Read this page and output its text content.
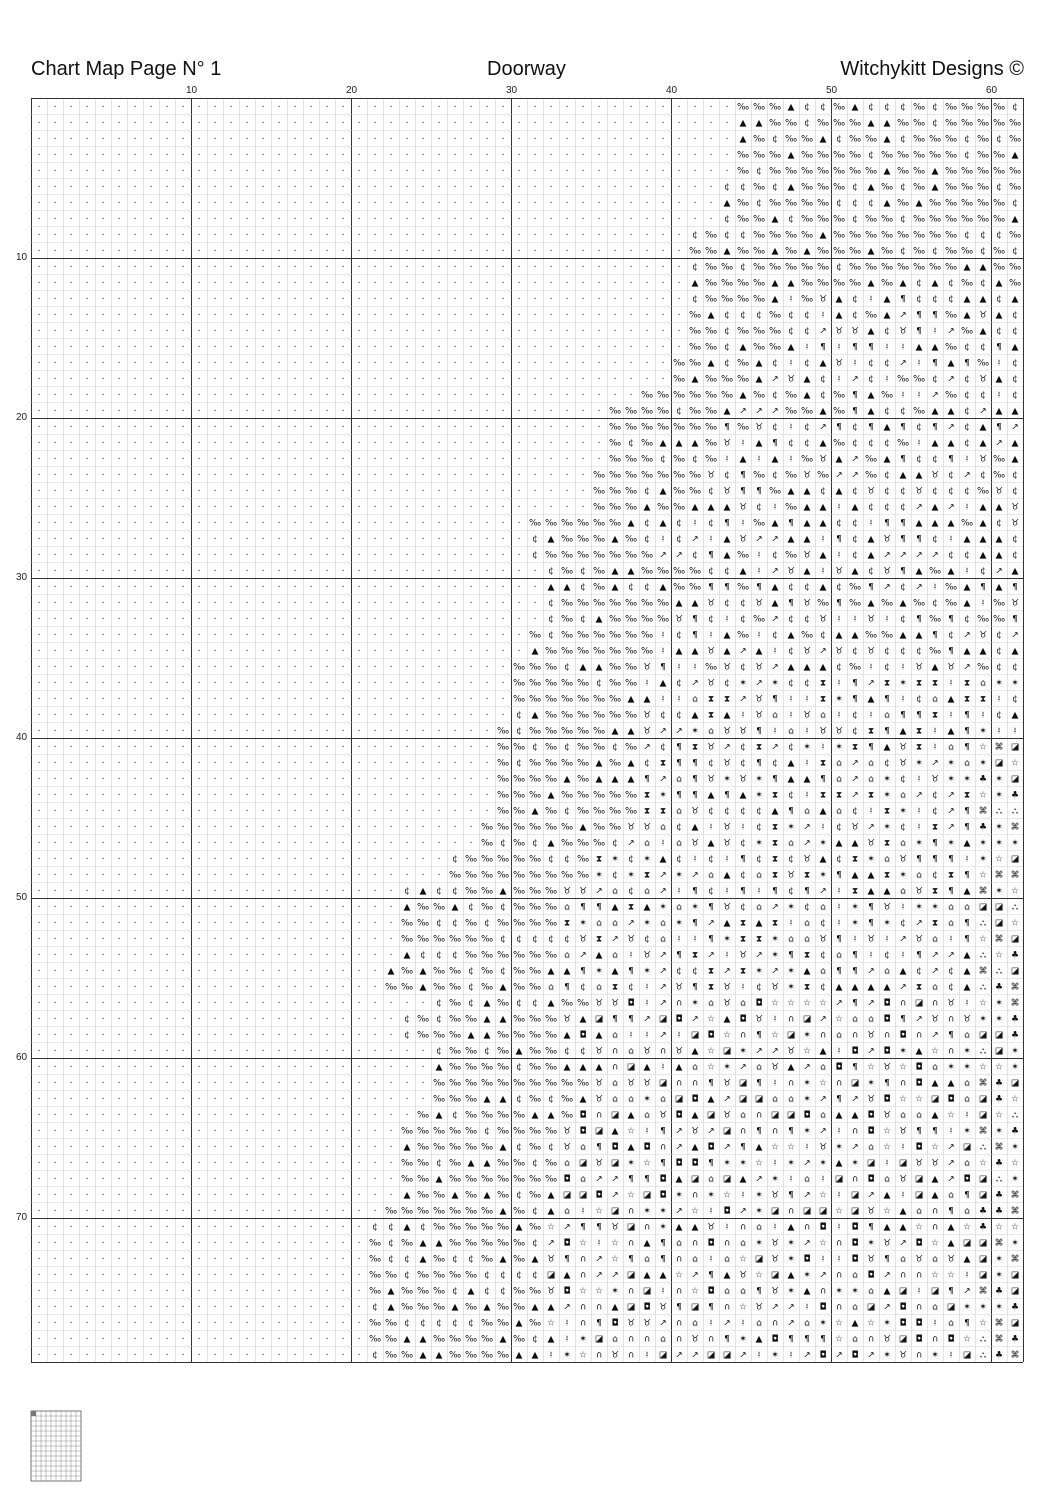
Chart Map Page N° 1	Doorway	Witchykitt Designs ©
10	20	30	40	50	60
10
20
30
40
50
60
70
· · · · · · · · · · · · · · · · · · · · · · · · · · · · · · · · · · · · · · · · · · · · ‰ ‰ ‰ ▲ ¢ ¢ ‰ ▲ ¢ ¢ ¢ ‰ ¢ ‰ ‰ ‰ ‰ ¢
· · · · · · · · · · · · · · · · · · · · · · · · · · · · · · · · · · · · · · · · · · · · ▲ ▲ ‰ ‰ ¢ ‰ ‰ ‰ ▲ ▲ ‰ ‰ ¢ ‰ ‰ ‰ ‰ ‰
· · · · · · · · · · · · · · · · · · · · · · · · · · · · · · · · · · · · · · · · · · · · ▲ ‰ ¢ ‰ ‰ ▲ ¢ ‰ ‰ ▲ ¢ ‰ ‰ ‰ ¢ ‰ ¢ ‰
· · · · · · · · · · · · · · · · · · · · · · · · · · · · · · · · · · · · · · · · · · · · ‰ ‰ ‰ ▲ ‰ ‰ ‰ ‰ ¢ ‰ ‰ ‰ ‰ ‰ ¢ ‰ ‰ ▲
· · · · · · · · · · · · · · · · · · · · · · · · · · · · · · · · · · · · · · · · · · · · ‰ ¢ ‰ ‰ ‰ ‰ ‰ ‰ ‰ ▲ ‰ ‰ ▲ ‰ ‰ ‰ ‰ ‰
· · · · · · · · · · · · · · · · · · · · · · · · · · · · · · · · · · · · · · · · · · · ¢ ¢ ‰ ¢ ▲ ‰ ‰ ‰ ¢ ▲ ‰ ¢ ‰ ▲ ‰ ‰ ‰ ¢ ‰
· · · · · · · · · · · · · · · · · · · · · · · · · · · · · · · · · · · · · · · · · · · ▲ ‰ ¢ ‰ ‰ ‰ ‰ ¢ ¢ ¢ ▲ ‰ ▲ ‰ ‰ ‰ ‰ ‰ ¢
· · · · · · · · · · · · · · · · · · · · · · · · · · · · · · · · · · · · · · · · · · · ¢ ‰ ‰ ▲ ¢ ‰ ‰ ‰ ¢ ‰ ‰ ¢ ‰ ‰ ‰ ‰ ‰ ‰ ▲
· · · · · · · · · · · · · · · · · · · · · · · · · · · · · · · · · · · · · · · · · ¢ ‰ ¢ ¢ ‰ ‰ ‰ ‰ ▲ ‰ ‰ ‰ ‰ ‰ ‰ ‰ ‰ ¢ ¢ ¢ ‰
· · · · · · · · · · · · · · · · · · · · · · · · · · · · · · · · · · · · · · · · · ‰ ‰ ▲ ‰ ‰ ▲ ‰ ▲ ‰ ‰ ‰ ▲ ‰ ¢ ‰ ¢ ‰ ‰ ¢ ‰ ¢
· · · · · · · · · · · · · · · · · · · · · · · · · · · · · · · · · · · · · · · · · ¢ ‰ ‰ ¢ ‰ ‰ ‰ ‰ ‰ ¢ ‰ ‰ ‰ ‰ ‰ ‰ ‰ ▲ ▲ ‰ ‰
· · · · · · · · · · · · · · · · · · · · · · · · · · · · · · · · · · · · · · · · · ▲ ‰ ‰ ‰ ‰ ▲ ▲ ‰ ‰ ‰ ‰ ▲ ‰ ▲ ¢ ▲ ¢ ‰ ¢ ▲ ‰
· · · · · · · · · · · · · · · · · · · · · · · · · · · · · · · · · · · · · · · · · ¢ ‰ ‰ ‰ ‰ ▲ ♮ ‰ ♉ ▲ ¢ ♮ ▲ ¶ ¢ ¢ ¢ ▲ ▲ ¢ ▲
· · · · · · · · · · · · · · · · · · · · · · · · · · · · · · · · · · · · · · · · · ‰ ▲ ¢ ¢ ¢ ‰ ¢ ¢ ♮ ▲ ¢ ‰ ▲ ↗ ¶ ¶ ‰ ▲ ♉ ▲ ¢
· · · · · · · · · · · · · · · · · · · · · · · · · · · · · · · · · · · · · · · · · ‰ ‰ ¢ ‰ ‰ ‰ ¢ ¢ ↗ ♉ ♉ ▲ ¢ ♉ ¶ ♮ ↗ ‰ ▲ ¢ ¢
· · · · · · · · · · · · · · · · · · · · · · · · · · · · · · · · · · · · · · · · · ‰ ‰ ¢ ▲ ‰ ‰ ▲ ♮ ¶ ♮ ¶ ¶ ♮ ♮ ▲ ▲ ‰ ¢ ¢ ¶ ▲
· · · · · · · · · · · · · · · · · · · · · · · · · · · · · · · · · · · · · · · · ‰ ‰ ▲ ¢ ‰ ▲ ¢ ♮ ¢ ▲ ♉ ♮ ¢ ¢ ↗ ♮ ¶ ▲ ¶ ‰ ♮ ¢
· · · · · · · · · · · · · · · · · · · · · · · · · · · · · · · · · · · · · · · · ‰ ▲ ‰ ‰ ‰ ▲ ↗ ♉ ▲ ¢ ♮ ↗ ¢ ♮ ‰ ‰ ¢ ↗ ¢ ♉ ▲ ¢
· · · · · · · · · · · · · · · · · · · · · · · · · · · · · · · · · · · · · · ‰ ‰ ‰ ‰ ‰ ‰ ▲ ‰ ¢ ‰ ▲ ¢ ‰ ¶ ▲ ‰ ♮ ♮ ↗ ‰ ¢ ¢ ♮ ¢
· · · · · · · · · · · · · · · · · · · · · · · · · · · · · · · · · · · · ‰ ‰ ‰ ‰ ¢ ‰ ‰ ▲ ↗ ↗ ↗ ‰ ‰ ▲ ‰ ¶ ▲ ¢ ¢ ‰ ▲ ▲ ¢ ↗ ▲ ▲
· · · · · · · · · · · · · · · · · · · · · · · · · · · · · · · · · · · · ‰ ‰ ‰ ‰ ‰ ‰ ‰ ¶ ‰ ♉ ¢ ♮ ¢ ↗ ¶ ¢ ¶ ▲ ¶ ¢ ¶ ↗ ¢ ▲ ¶ ↗
· · · · · · · · · · · · · · · · · · · · · · · · · · · · · · · · · · · · ‰ ¢ ‰ ▲ ▲ ▲ ‰ ♉ ♮ ▲ ¶ ¢ ¢ ▲ ‰ ¢ ¢ ¢ ‰ ♮ ▲ ▲ ¢ ▲ ↗ ▲
· · · · · · · · · · · · · · · · · · · · · · · · · · · · · · · · · · · · ‰ ‰ ‰ ¢ ‰ ¢ ‰ ♮ ▲ ♮ ▲ ♮ ‰ ♉ ▲ ↗ ‰ ▲ ¶ ¢ ¢ ¶ ♮ ♉ ‰ ▲
· · · · · · · · · · · · · · · · · · · · · · · · · · · · · · · · · · · ‰ ‰ ‰ ‰ ‰ ‰ ‰ ♉ ¢ ¶ ‰ ¢ ‰ ♉ ‰ ↗ ↗ ‰ ¢ ▲ ▲ ♉ ¢ ↗ ¢ ‰ ¢
· · · · · · · · · · · · · · · · · · · · · · · · · · · · · · · · · · · ‰ ‰ ‰ ¢ ▲ ‰ ‰ ¢ ♉ ¶ ¶ ‰ ▲ ▲ ¢ ▲ ¢ ♉ ¢ ¢ ♉ ¢ ¢ ¢ ‰ ♉ ¢
· · · · · · · · · · · · · · · · · · · · · · · · · · · · · · · · · · · ‰ ‰ ‰ ▲ ‰ ‰ ▲ ▲ ▲ ♉ ¢ ♮ ‰ ▲ ▲ ♮ ▲ ¢ ¢ ¢ ↗ ▲ ↗ ♮ ▲ ▲ ♉
· · · · · · · · · · · · · · · · · · · · · · · · · · · · · · · ‰ ‰ ‰ ‰ ‰ ‰ ▲ ¢ ▲ ¢ ♮ ¢ ¶ ♮ ‰ ▲ ¶ ▲ ▲ ¢ ¢ ♮ ¶ ¶ ▲ ▲ ▲ ‰ ▲ ¢ ♉
· · · · · · · · · · · · · · · · · · · · · · · · · · · · · · · ¢ ▲ ‰ ‰ ‰ ▲ ‰ ¢ ♮ ¢ ↗ ♮ ▲ ♉ ↗ ↗ ▲ ▲ ♮ ¶ ¢ ▲ ♉ ¶ ¶ ¢ ♮ ▲ ▲ ▲ ¢
· · · · · · · · · · · · · · · · · · · · · · · · · · · · · · · ¢ ‰ ‰ ‰ ‰ ‰ ‰ ‰ ↗ ↗ ¢ ¶ ▲ ‰ ♮ ¢ ‰ ♉ ▲ ♮ ¢ ▲ ↗ ↗ ↗ ↗ ¢ ¢ ▲ ▲ ¢
· · · · · · · · · · · · · · · · · · · · · · · · · · · · · · · · ¢ ‰ ¢ ‰ ▲ ▲ ‰ ‰ ‰ ‰ ¢ ¢ ▲ ♮ ↗ ♉ ▲ ♮ ♉ ▲ ¢ ♉ ¶ ▲ ‰ ▲ ♮ ¢ ↗ ▲
· · · · · · · · · · · · · · · · · · · · · · · · · · · · · · · · ▲ ▲ ¢ ‰ ▲ ¢ ¢ ▲ ‰ ‰ ¶ ¶ ‰ ¶ ▲ ¢ ¢ ▲ ¢ ‰ ¶ ↗ ¢ ↗ ♮ ‰ ▲ ¶ ▲ ¶
· · · · · · · · · · · · · · · · · · · · · · · · · · · · · · · · ¢ ‰ ‰ ‰ ‰ ‰ ‰ ‰ ▲ ▲ ♉ ¢ ¢ ♉ ▲ ¶ ♉ ‰ ¶ ‰ ▲ ‰ ▲ ‰ ¢ ‰ ▲ ♮ ‰ ♉
· · · · · · · · · · · · · · · · · · · · · · · · · · · · · · · · ¢ ‰ ¢ ▲ ‰ ‰ ‰ ‰ ♉ ¶ ¢ ♮ ¢ ‰ ↗ ¢ ¢ ♉ ♮ ♮ ♉ ♮ ¢ ¶ ‰ ¶ ¢ ‰ ‰ ¶
· · · · · · · · · · · · · · · · · · · · · · · · · · · · · · · ‰ ¢ ‰ ‰ ‰ ‰ ‰ ‰ ♮ ¢ ¶ ♮ ▲ ‰ ♮ ¢ ▲ ‰ ¢ ▲ ▲ ‰ ‰ ▲ ▲ ¶ ¢ ↗ ♉ ¢ ↗
· · · · · · · · · · · · · · · · · · · · · · · · · · · · · · · ▲ ‰ ‰ ‰ ‰ ‰ ‰ ‰ ♮ ▲ ▲ ♉ ▲ ↗ ▲ ♮ ¢ ♉ ↗ ♉ ¢ ♉ ¢ ¢ ¢ ‰ ¶ ▲ ▲ ¢ ▲
· · · · · · · · · · · · · · · · · · · · · · · · · · · · · · ‰ ‰ ‰ ¢ ▲ ▲ ‰ ‰ ♉ ¶ ♮ ♮ ‰ ♉ ¢ ♉ ↗ ▲ ▲ ▲ ¢ ‰ ♮ ¢ ♮ ♉ ▲ ♉ ↗ ‰ ¢ ¢
· · · · · · · · · · · · · · · · · · · · · · · · · · · · · · ‰ ‰ ‰ ‰ ‰ ¢ ‰ ‰ ♮ ▲ ¢ ↗ ♉ ¢ ✶ ↗ ✶ ¢ ¢ ⧗ ♮ ¶ ↗ ⧗ ✶ ⧗ ⧗ ♮ ⧗ ⌂ ✶ ✶
· · · · · · · · · · · · · · · · · · · · · · · · · · · · · · ‰ ‰ ‰ ‰ ‰ ‰ ‰ ▲ ▲ ♮ ♮ ⌂ ⧗ ⧗ ↗ ♉ ¶ ♮ ♮ ⧗ ✶ ¶ ▲ ¶ ♮ ¢ ⌂ ▲ ⧗ ⧗ ♮ ¢
· · · · · · · · · · · · · · · · · · · · · · · · · · · · · · ¢ ▲ ‰ ‰ ‰ ‰ ‰ ‰ ♉ ¢ ¢ ▲ ⧗ ▲ ♮ ♉ ⌂ ♮ ♉ ⌂ ♮ ¢ ♮ ⌂ ¶ ¶ ⧗ ♮ ¶ ♮ ¢ ▲
· · · · · · · · · · · · · · · · · · · · · · · · · · · · · ‰ ¢ ‰ ‰ ‰ ‰ ‰ ▲ ▲ ♉ ↗ ↗ ✶ ⌂ ♉ ♉ ¶ ♮ ⌂ ♮ ♉ ♉ ¢ ⧗ ¶ ▲ ⧗ ♮ ▲ ¶ ✶ ♮ ♮
· · · · · · · · · · · · · · · · · · · · · · · · · · · · · ‰ ‰ ¢ ‰ ¢ ‰ ‰ ¢ ‰ ↗ ¢ ¶ ⧗ ♉ ↗ ¢ ⧗ ↗ ¢ ✶ ♮ ✶ ⧗ ¶ ▲ ♉ ⧗ ♮ ⌂ ¶ ☆ ⌘ ◪
· · · · · · · · · · · · · · · · · · · · · · · · · · · · · ‰ ¢ ‰ ‰ ‰ ‰ ▲ ‰ ▲ ¢ ⧗ ¶ ¶ ¢ ♉ ¢ ¶ ¢ ▲ ♮ ⧗ ⌂ ↗ ⌂ ¢ ♉ ✶ ↗ ✶ ⌂ ✶ ◪ ☆
· · · · · · · · · · · · · · · · · · · · · · · · · · · · · ‰ ‰ ‰ ‰ ▲ ‰ ▲ ▲ ▲ ¶ ↗ ⌂ ¶ ♉ ✶ ♉ ✶ ¶ ▲ ▲ ¶ ⌂ ↗ ⌂ ✶ ¢ ♮ ♉ ✶ ✶ ♣ ✶ ◪
· · · · · · · · · · · · · · · · · · · · · · · · · · · · · ‰ ‰ ‰ ▲ ‰ ‰ ‰ ‰ ‰ ⧗ ✶ ¶ ¶ ▲ ¶ ▲ ✶ ⧗ ¢ ♮ ⧗ ⧗ ↗ ⧗ ✶ ⌂ ↗ ¢ ↗ ⧗ ☆ ✶ ♣
· · · · · · · · · · · · · · · · · · · · · · · · · · · · · ‰ ‰ ▲ ‰ ¢ ‰ ‰ ‰ ‰ ⧗ ⧗ ⌂ ♉ ¢ ¢ ¢ ¢ ▲ ¶ ⌂ ▲ ⌂ ¢ ♮ ⧗ ✶ ♮ ¢ ↗ ¶ ⌘ ⛬ ⛬
· · · · · · · · · · · · · · · · · · · · · · · · · · · · ‰ ‰ ‰ ‰ ‰ ‰ ▲ ‰ ‰ ♉ ♉ ⌂ ¢ ▲ ♮ ♉ ♮ ¢ ⧗ ✶ ↗ ♮ ¢ ♉ ↗ ✶ ¢ ♮ ⧗ ↗ ¶ ♣ ✶ ⌘
· · · · · · · · · · · · · · · · · · · · · · · · · · · · ‰ ¢ ‰ ¢ ▲ ‰ ‰ ‰ ¢ ↗ ⌂ ♮ ⌂ ♉ ▲ ♉ ¢ ✶ ⧗ ⌂ ↗ ✶ ▲ ▲ ♉ ⧗ ⌂ ✶ ¶ ✶ ▲ ✶ ✶ ✶
· · · · · · · · · · · · · · · · · · · · · · · · · · ¢ ‰ ‰ ‰ ‰ ‰ ¢ ¢ ‰ ⧗ ✶ ¢ ✶ ▲ ¢ ♮ ¢ ♮ ¶ ¢ ⧗ ¢ ♉ ▲ ¢ ⧗ ✶ ⌂ ♉ ¶ ¶ ¶ ♮ ✶ ☆ ◪
· · · · · · · · · · · · · · · · · · · · · · · · · · ‰ ‰ ‰ ‰ ‰ ‰ ‰ ‰ ‰ ✶ ¢ ✶ ⧗ ↗ ✶ ↗ ⌂ ▲ ¢ ⌂ ⧗ ♉ ⧗ ✶ ¶ ▲ ▲ ⧗ ✶ ⌂ ¢ ⧗ ¶ ☆ ⌘ ⌘
· · · · · · · · · · · · · · · · · · · · · · · ¢ ▲ ¢ ¢ ‰ ‰ ▲ ‰ ‰ ‰ ♉ ♉ ↗ ⌂ ¢ ⌂ ↗ ♮ ¶ ¢ ♮ ¶ ♮ ¶ ¢ ¶ ↗ ♮ ⧗ ▲ ▲ ⌂ ♉ ⧗ ¶ ▲ ⌘ ✶ ☆
· · · · · · · · · · · · · · · · · · · · · · · ▲ ‰ ‰ ▲ ¢ ‰ ¢ ‰ ‰ ‰ ⌂ ¶ ¶ ▲ ⧗ ▲ ✶ ⌂ ✶ ¶ ♉ ¢ ⌂ ↗ ✶ ¢ ⌂ ♮ ✶ ¶ ♉ ♮ ✶ ✶ ⌂ ⌂ ◪ ◪ ⛬
· · · · · · · · · · · · · · · · · · · · · · · ‰ ‰ ¢ ¢ ‰ ¢ ‰ ‰ ‰ ‰ ⧗ ✶ ⌂ ⌂ ↗ ✶ ⌂ ✶ ¶ ↗ ▲ ⧗ ▲ ⧗ ♮ ⌂ ¢ ♮ ✶ ¶ ✶ ¢ ↗ ⧗ ⌂ ¶ ⛬ ◪ ☆
· · · · · · · · · · · · · · · · · · · · · · · ‰ ‰ ‰ ‰ ‰ ‰ ¢ ¢ ¢ ¢ ¢ ♉ ⧗ ↗ ♉ ¢ ⌂ ♮ ♮ ¶ ✶ ⧗ ⧗ ✶ ⌂ ⌂ ♉ ¶ ♮ ♉ ♮ ↗ ♉ ⌂ ♮ ¶ ☆ ⌘ ◪
· · · · · · · · · · · · · · · · · · · · · · · ▲ ¢ ¢ ¢ ‰ ‰ ‰ ‰ ‰ ‰ ⌂ ↗ ▲ ⌂ ♮ ♉ ↗ ¶ ⧗ ↗ ♮ ♉ ↗ ✶ ¶ ⧗ ¢ ⌂ ¶ ♮ ¢ ♮ ¶ ↗ ↗ ▲ ⛬ ☆ ♣
· · · · · · · · · · · · · · · · · · · · · · ▲ ‰ ▲ ‰ ‰ ¢ ‰ ¢ ‰ ‰ ▲ ▲ ¶ ✶ ▲ ¶ ✶ ↗ ¢ ¢ ⧗ ↗ ⧗ ✶ ↗ ✶ ▲ ⌂ ¶ ¶ ↗ ⌂ ▲ ¢ ↗ ¢ ▲ ⌘ ⛬ ◪
· · · · · · · · · · · · · · · · · · · · · · ‰ ‰ ▲ ‰ ‰ ¢ ‰ ▲ ‰ ‰ ⌂ ¶ ¢ ⌂ ⧗ ¢ ♮ ↗ ♉ ¶ ⧗ ♉ ♮ ¢ ♉ ✶ ⧗ ¢ ▲ ▲ ▲ ▲ ↗ ⧗ ⌂ ¢ ▲ ⛬ ♣ ⌘
· · · · · · · · · · · · · · · · · · · · · · · · · ¢ ‰ ¢ ▲ ‰ ¢ ¢ ▲ ‰ ‰ ♉ ♉ ◘ ♮ ↗ ∩ ✶ ⌂ ♉ ⌂ ◘ ☆ ☆ ☆ ☆ ↗ ¶ ↗ ◘ ∩ ◪ ∩ ♉ ♮ ☆ ✶ ⌘
· · · · · · · · · · · · · · · · · · · · · · · ¢ ‰ ¢ ‰ ‰ ▲ ▲ ‰ ‰ ‰ ♉ ▲ ◪ ¶ ¶ ↗ ◪ ◘ ↗ ☆ ▲ ◘ ♉ ♮ ∩ ◪ ↗ ☆ ⌂ ⌂ ◘ ¶ ↗ ♉ ∩ ♉ ✶ ✶ ♣
· · · · · · · · · · · · · · · · · · · · · · · ¢ ‰ ‰ ‰ ▲ ▲ ‰ ‰ ‰ ‰ ▲ ◘ ▲ ⌂ ♮ ♮ ↗ ♮ ◪ ◘ ☆ ∩ ¶ ☆ ◪ ✶ ∩ ⌂ ∩ ♉ ∩ ◘ ∩ ↗ ¶ ⌂ ◪ ◪ ♣
· · · · · · · · · · · · · · · · · · · · · · · · · ¢ ‰ ‰ ¢ ‰ ▲ ‰ ‰ ¢ ¢ ♉ ∩ ⌂ ♉ ∩ ♉ ▲ ☆ ◪ ✶ ↗ ↗ ♉ ☆ ▲ ♮ ◘ ↗ ◘ ✶ ▲ ☆ ∩ ✶ ⛬ ◪ ✶
· · · · · · · · · · · · · · · · · · · · · · · · · ▲ ‰ ‰ ‰ ‰ ¢ ‰ ‰ ▲ ▲ ▲ ∩ ◪ ▲ ♮ ▲ ⌂ ☆ ✶ ↗ ⌂ ♉ ▲ ↗ ⌂ ◘ ¶ ☆ ♉ ☆ ◘ ⌂ ✶ ✶ ☆ ☆ ✶
· · · · · · · · · · · · · · · · · · · · · · · · · ‰ ‰ ‰ ‰ ‰ ‰ ‰ ‰ ‰ ‰ ♉ ⌂ ♉ ♉ ◪ ∩ ∩ ¶ ♉ ◪ ¶ ♮ ∩ ✶ ☆ ∩ ◪ ✶ ¶ ∩ ◘ ▲ ▲ ⌂ ⌘ ♣ ◪
· · · · · · · · · · · · · · · · · · · · · · · · · ‰ ‰ ‰ ▲ ▲ ¢ ‰ ¢ ‰ ▲ ♉ ⌂ ⌂ ✶ ⌂ ◪ ◘ ▲ ↗ ◪ ◪ ⌂ ⌂ ✶ ↗ ¶ ↗ ♉ ◘ ☆ ☆ ◪ ◘ ⌂ ◪ ♣ ☆
· · · · · · · · · · · · · · · · · · · · · · · · ‰ ▲ ¢ ‰ ‰ ‰ ‰ ▲ ▲ ‰ ◘ ∩ ◪ ▲ ⌂ ♉ ◘ ▲ ◪ ♉ ⌂ ∩ ◪ ◪ ◘ ⌂ ▲ ▲ ◘ ♉ ⌂ ⌂ ▲ ☆ ♮ ◪ ☆ ⛬
· · · · · · · · · · · · · · · · · · · · · · · ‰ ‰ ‰ ‰ ‰ ¢ ‰ ‰ ‰ ‰ ♉ ◘ ◪ ▲ ☆ ♮ ¶ ↗ ♉ ↗ ◪ ∩ ¶ ∩ ¶ ✶ ↗ ♮ ∩ ◘ ☆ ♉ ¶ ¶ ♮ ✶ ⌘ ✶ ♣
· · · · · · · · · · · · · · · · · · · · · · · ▲ ‰ ‰ ‰ ‰ ‰ ▲ ¢ ‰ ¢ ♉ ⌂ ¶ ◘ ▲ ◘ ∩ ↗ ▲ ◘ ↗ ¶ ▲ ☆ ☆ ♮ ♉ ✶ ↗ ⌂ ☆ ♮ ◘ ☆ ↗ ◪ ⛬ ⌘ ✶
· · · · · · · · · · · · · · · · · · · · · · · ‰ ‰ ¢ ‰ ▲ ▲ ‰ ‰ ¢ ‰ ⌂ ◪ ♉ ◪ ✶ ☆ ¶ ◘ ◘ ¶ ✶ ✶ ☆ ♮ ✶ ↗ ✶ ▲ ✶ ◪ ♮ ◪ ♉ ♉ ↗ ⌂ ☆ ♣ ☆
· · · · · · · · · · · · · · · · · · · · · · · ‰ ‰ ▲ ‰ ‰ ‰ ‰ ‰ ‰ ‰ ◘ ⌂ ↗ ↗ ¶ ¶ ◘ ▲ ◪ ⌂ ◪ ▲ ↗ ✶ ♮ ⌂ ♮ ◪ ∩ ◘ ⌂ ♉ ◪ ▲ ↗ ◘ ◪ ⛬ ✶
· · · · · · · · · · · · · · · · · · · · · · · ▲ ‰ ‰ ▲ ‰ ▲ ‰ ¢ ‰ ▲ ◪ ◪ ◘ ↗ ☆ ◪ ◘ ✶ ∩ ✶ ☆ ♮ ✶ ♉ ¶ ↗ ☆ ♮ ◪ ↗ ▲ ♮ ◪ ▲ ⌂ ¶ ◪ ♣ ⌘
· · · · · · · · · · · · · · · · · · · · · · ‰ ‰ ‰ ‰ ‰ ‰ ‰ ▲ ‰ ¢ ▲ ⌂ ♮ ☆ ◪ ∩ ✶ ✶ ↗ ☆ ♮ ◘ ↗ ✶ ◪ ∩ ◪ ◪ ☆ ◪ ♉ ☆ ▲ ⌂ ∩ ¶ ⌂ ♣ ♣ ⌘
· · · · · · · · · · · · · · · · · · · · · ¢ ¢ ▲ ¢ ‰ ‰ ‰ ‰ ‰ ▲ ‰ ☆ ↗ ¶ ¶ ♉ ◪ ∩ ✶ ▲ ▲ ♉ ♮ ∩ ⌂ ♮ ▲ ∩ ◘ ♮ ◘ ¶ ▲ ▲ ☆ ∩ ▲ ☆ ♣ ☆ ☆
· · · · · · · · · · · · · · · · · · · · · ‰ ¢ ‰ ▲ ▲ ‰ ‰ ‰ ‰ ‰ ¢ ↗ ◘ ☆ ♮ ☆ ∩ ▲ ¶ ⌂ ∩ ◘ ∩ ⌂ ✶ ♉ ✶ ↗ ☆ ∩ ◘ ✶ ♉ ↗ ◘ ☆ ▲ ◪ ◪ ⌘ ✶
· · · · · · · · · · · · · · · · · · · · · ‰ ¢ ¢ ▲ ‰ ¢ ¢ ‰ ▲ ‰ ▲ ♉ ¶ ∩ ↗ ☆ ¶ ⌂ ¶ ∩ ⌂ ♮ ⌂ ☆ ◪ ♉ ✶ ◘ ♮ ♮ ◘ ♉ ¶ ⌂ ♉ ⌂ ♉ ▲ ◪ ✶ ⌘
· · · · · · · · · · · · · · · · · · · · · ‰ ‰ ¢ ‰ ‰ ‰ ‰ ¢ ¢ ¢ ¢ ◪ ▲ ∩ ↗ ↗ ◪ ▲ ▲ ☆ ↗ ¶ ▲ ♉ ☆ ◪ ▲ ✶ ↗ ∩ ⌂ ◘ ↗ ∩ ∩ ☆ ☆ ♮ ◪ ✶ ◪
· · · · · · · · · · · · · · · · · · · · · ‰ ▲ ‰ ‰ ‰ ¢ ▲ ¢ ¢ ‰ ‰ ♉ ◘ ☆ ☆ ✶ ∩ ◪ ♮ ∩ ☆ ◘ ⌂ ⌂ ¶ ♉ ✶ ▲ ∩ ✶ ✶ ⌂ ▲ ◪ ♮ ◪ ¶ ↗ ⌘ ♣ ◪
· · · · · · · · · · · · · · · · · · · · · ¢ ▲ ‰ ‰ ‰ ▲ ‰ ▲ ‰ ‰ ▲ ▲ ↗ ∩ ∩ ▲ ◪ ◘ ♉ ¶ ◪ ¶ ∩ ☆ ♉ ↗ ↗ ♮ ◘ ∩ ⌂ ◪ ↗ ◘ ∩ ⌂ ◪ ✶ ✶ ✶ ♣
· · · · · · · · · · · · · · · · · · · · · ‰ ‰ ¢ ¢ ¢ ¢ ¢ ‰ ‰ ▲ ‰ ☆ ♮ ∩ ¶ ◘ ♉ ♉ ↗ ∩ ⌂ ♮ ↗ ♮ ⌂ ∩ ↗ ⌂ ✶ ☆ ▲ ☆ ✶ ◘ ◘ ♮ ⌂ ¶ ☆ ⌘ ◪
· · · · · · · · · · · · · · · · · · · · · ‰ ‰ ▲ ▲ ‰ ‰ ‰ ‰ ▲ ‰ ¢ ▲ ♮ ✶ ◪ ⌂ ∩ ∩ ⌂ ∩ ♉ ∩ ¶ ✶ ▲ ◘ ¶ ¶ ¶ ☆ ⌂ ∩ ♉ ◪ ◘ ∩ ◘ ☆ ⛬ ⌘ ♣
· · · · · · · · · · · · · · · · · · · · · ¢ ‰ ‰ ▲ ▲ ‰ ‰ ‰ ‰ ▲ ▲ ♮ ✶ ☆ ∩ ♉ ∩ ♮ ◪ ↗ ↗ ◪ ◪ ↗ ♮ ✶ ♮ ↗ ◘ ↗ ◘ ↗ ✶ ♉ ∩ ✶ ♮ ◪ ⛬ ♣ ⌘
